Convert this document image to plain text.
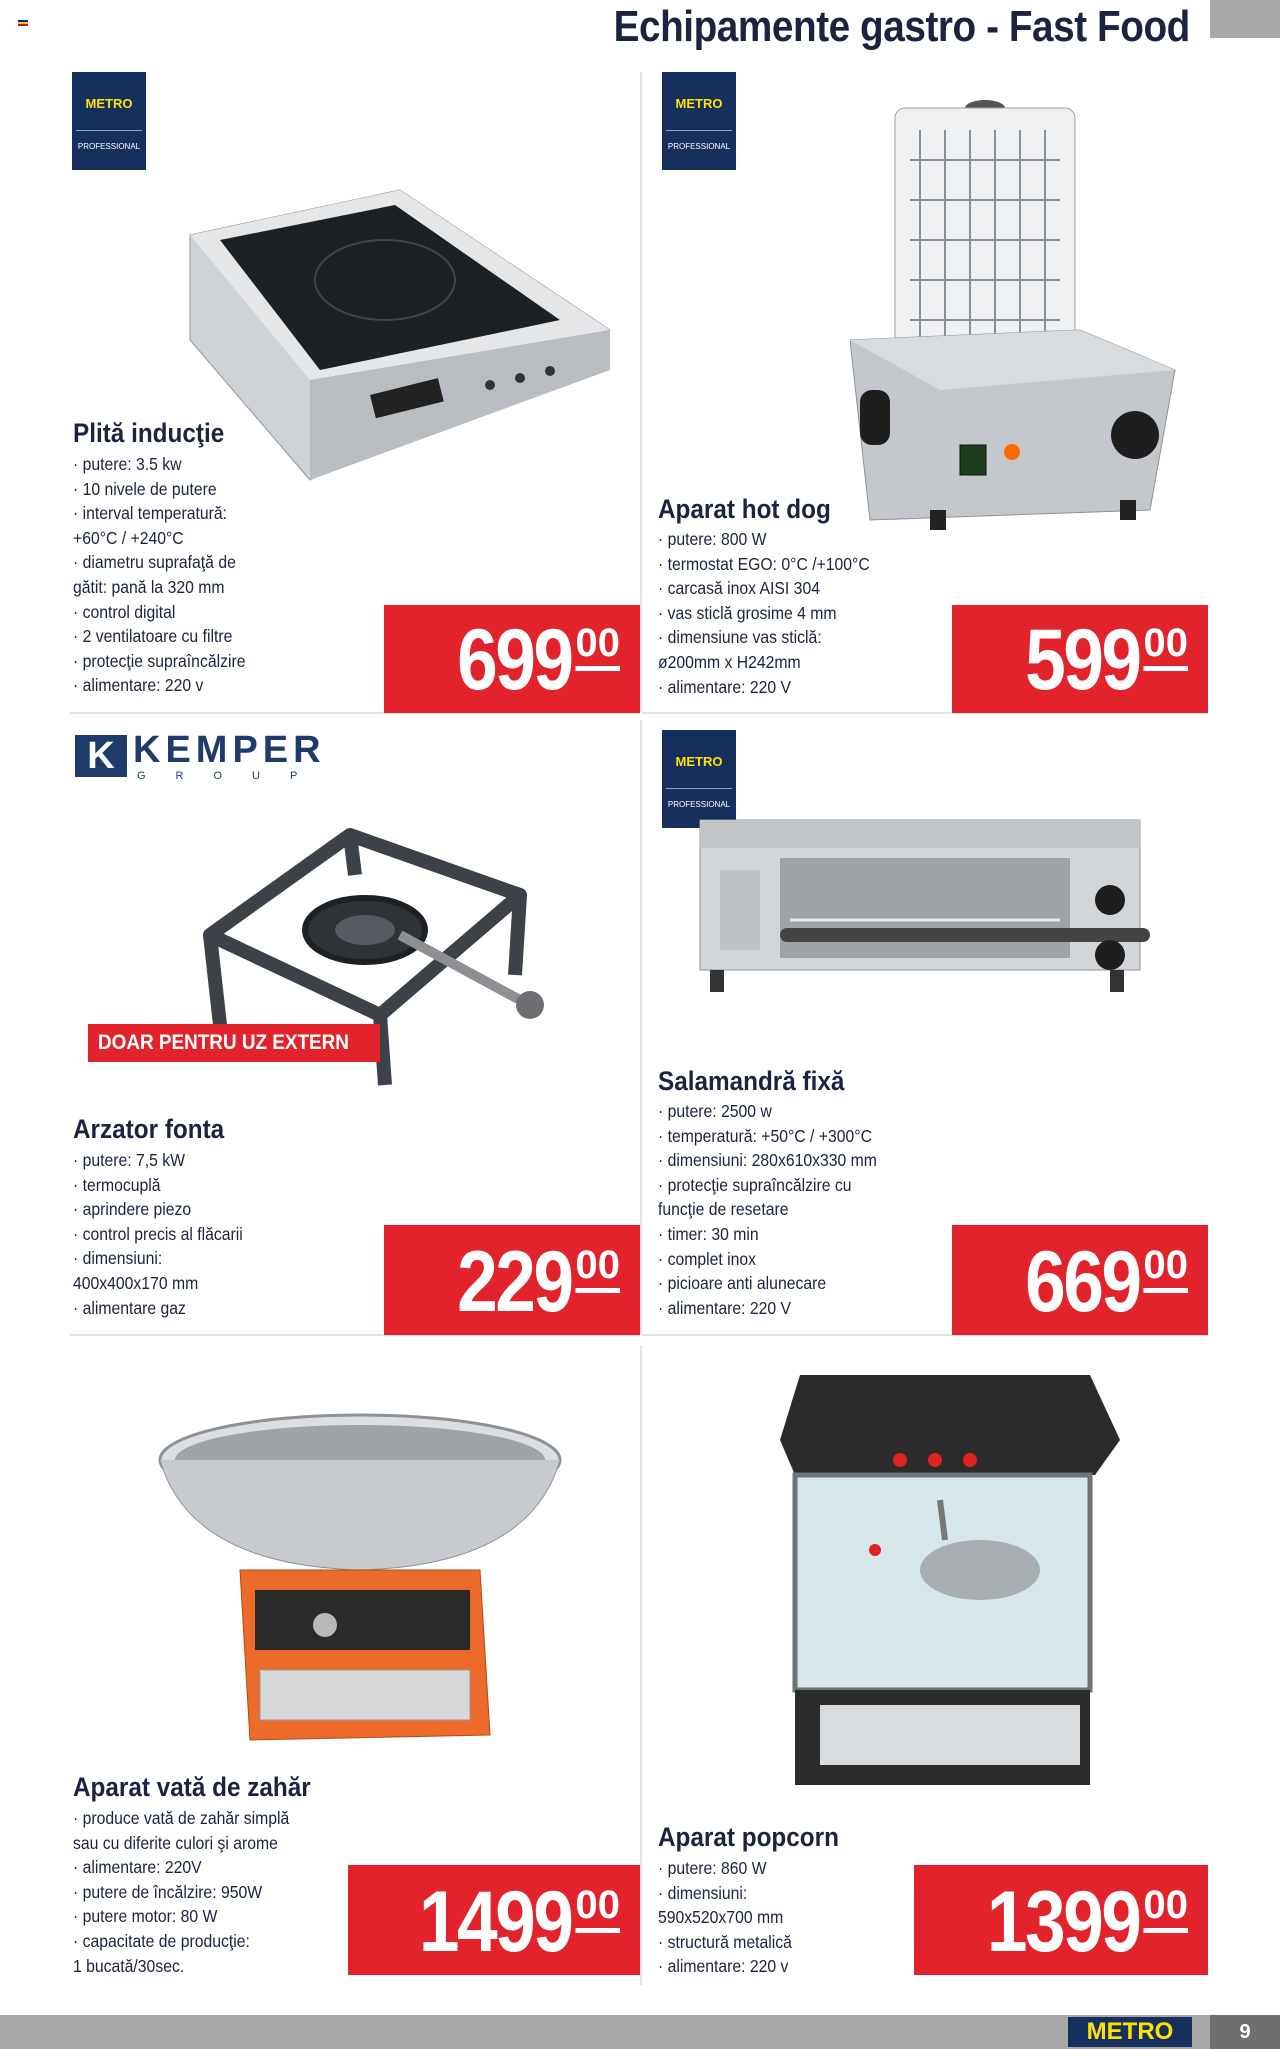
Echipamente gastro - Fast Food
METRO
PROFESSIONAL
METRO
PROFESSIONAL
METRO
PROFESSIONAL
K KEMPER
GROUP
Plită inducţie
· putere: 3.5 kw
· 10 nivele de putere
· interval temperatură:
+60°C / +240°C
· diametru suprafaţă de
gătit: pană la 320 mm
· control digital
· 2 ventilatoare cu filtre
· protecţie supraîncălzire
· alimentare: 220 v	699 00
Aparat hot dog
· putere: 800 W
· termostat EGO: 0°C /+100°C
· carcasă inox AISI 304
· vas sticlă grosime 4 mm
· dimensiune vas sticlă:
ø200mm x H242mm
· alimentare: 220 V	599 00
DOAR PENTRU UZ EXTERN
Arzator fonta
· putere: 7,5 kW
· termocuplă
· aprindere piezo
· control precis al flăcarii
· dimensiuni:
400x400x170 mm
· alimentare gaz	229 00
Salamandră fixă
· putere: 2500 w
· temperatură: +50°C / +300°C
· dimensiuni: 280x610x330 mm
· protecţie supraîncălzire cu
funcţie de resetare
· timer: 30 min
· complet inox
· picioare anti alunecare
· alimentare: 220 V	669 00
Aparat vată de zahăr
· produce vată de zahăr simplă
sau cu diferite culori şi arome
· alimentare: 220V
· putere de încălzire: 950W
· putere motor: 80 W
· capacitate de producţie:
1 bucată/30sec.	1499 00
Aparat popcorn
· putere: 860 W
· dimensiuni:
590x520x700 mm
· structură metalică
· alimentare: 220 v 1399 00
METRO	9
